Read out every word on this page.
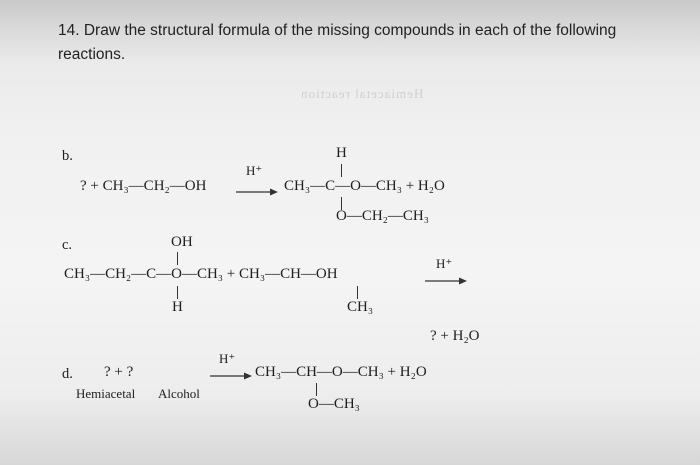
14. Draw the structural formula of the missing compounds in each of the following reactions.
Hemiacetal reaction
b.	H
? + CH₃—CH₂—OH
H⁺
CH₃—C—O—CH₃ + H₂O
O—CH₂—CH₃
c.	OH
CH₃—CH₂—C—O—CH₃ + CH₃—CH—OH
H⁺
H	CH₃
? + H₂O
d. ? + ?
H⁺
CH₃—CH—O—CH₃ + H₂O
Hemiacetal Alcohol
O—CH₃
